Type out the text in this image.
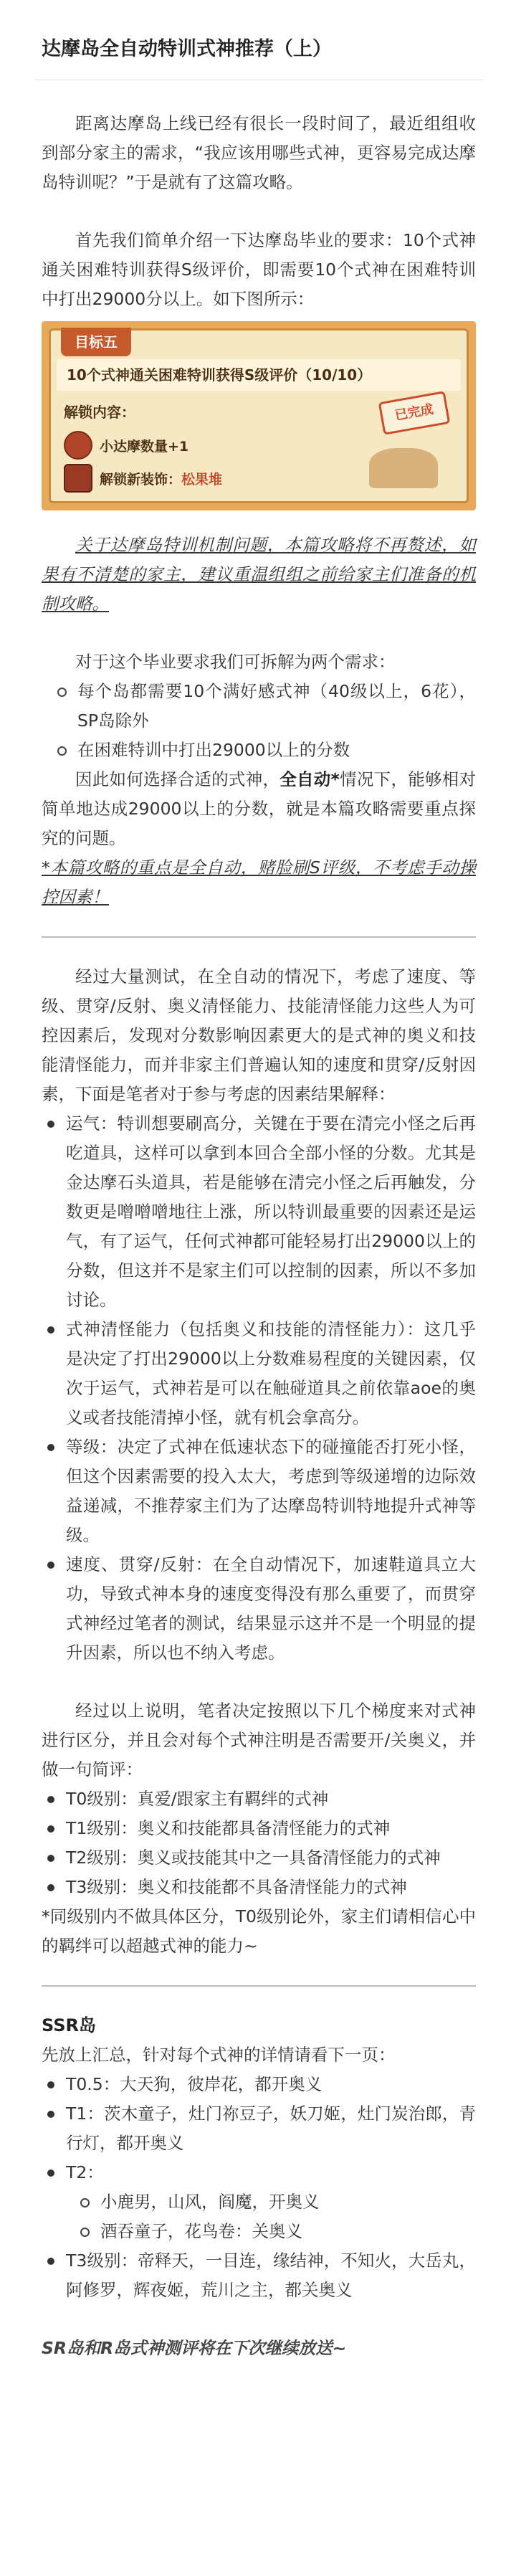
达摩岛全自动特训式神推荐（上）

距离达摩岛上线已经有很长一段时间了，最近组组收到部分家主的需求，“我应该用哪些式神，更容易完成达摩岛特训呢？”于是就有了这篇攻略。

首先我们简单介绍一下达摩岛毕业的要求：10个式神通关困难特训获得S级评价，即需要10个式神在困难特训中打出29000分以上。如下图所示：

目标五
10个式神通关困难特训获得S级评价（10/10）
解锁内容：
小达摩数量+1
解锁新装饰： 松果堆
已完成

关于达摩岛特训机制问题，本篇攻略将不再赘述，如果有不清楚的家主，建议重温组组之前给家主们准备的机制攻略。

对于这个毕业要求我们可拆解为两个需求：

每个岛都需要10个满好感式神（40级以上，6花），SP岛除外
在困难特训中打出29000以上的分数

因此如何选择合适的式神，全自动*情况下，能够相对简单地达成29000以上的分数，就是本篇攻略需要重点探究的问题。

*本篇攻略的重点是全自动，赌脸刷S评级，不考虑手动操控因素！

经过大量测试，在全自动的情况下，考虑了速度、等级、贯穿/反射、奥义清怪能力、技能清怪能力这些人为可控因素后，发现对分数影响因素更大的是式神的奥义和技能清怪能力，而并非家主们普遍认知的速度和贯穿/反射因素，下面是笔者对于参与考虑的因素结果解释：

运气：特训想要刷高分，关键在于要在清完小怪之后再吃道具，这样可以拿到本回合全部小怪的分数。尤其是金达摩石头道具，若是能够在清完小怪之后再触发，分数更是噌噌噌地往上涨，所以特训最重要的因素还是运气，有了运气，任何式神都可能轻易打出29000以上的分数，但这并不是家主们可以控制的因素，所以不多加讨论。
式神清怪能力（包括奥义和技能的清怪能力）：这几乎是决定了打出29000以上分数难易程度的关键因素，仅次于运气，式神若是可以在触碰道具之前依靠aoe的奥义或者技能清掉小怪，就有机会拿高分。
等级：决定了式神在低速状态下的碰撞能否打死小怪，但这个因素需要的投入太大，考虑到等级递增的边际效益递减，不推荐家主们为了达摩岛特训特地提升式神等级。
速度、贯穿/反射：在全自动情况下，加速鞋道具立大功，导致式神本身的速度变得没有那么重要了，而贯穿式神经过笔者的测试，结果显示这并不是一个明显的提升因素，所以也不纳入考虑。

经过以上说明，笔者决定按照以下几个梯度来对式神进行区分，并且会对每个式神注明是否需要开/关奥义，并做一句简评：

T0级别：真爱/跟家主有羁绊的式神
T1级别：奥义和技能都具备清怪能力的式神
T2级别：奥义或技能其中之一具备清怪能力的式神
T3级别：奥义和技能都不具备清怪能力的式神

*同级别内不做具体区分，T0级别论外，家主们请相信心中的羁绊可以超越式神的能力~

SSR岛

先放上汇总，针对每个式神的详情请看下一页：

T0.5：大天狗，彼岸花，都开奥义
T1：茨木童子，灶门祢豆子，妖刀姬，灶门炭治郎，青行灯，都开奥义
T2：
小鹿男，山风，阎魔，开奥义
酒吞童子，花鸟卷：关奥义
T3级别：帝释天，一目连，缘结神，不知火，大岳丸，阿修罗，辉夜姬，荒川之主，都关奥义

SR岛和R岛式神测评将在下次继续放送~
